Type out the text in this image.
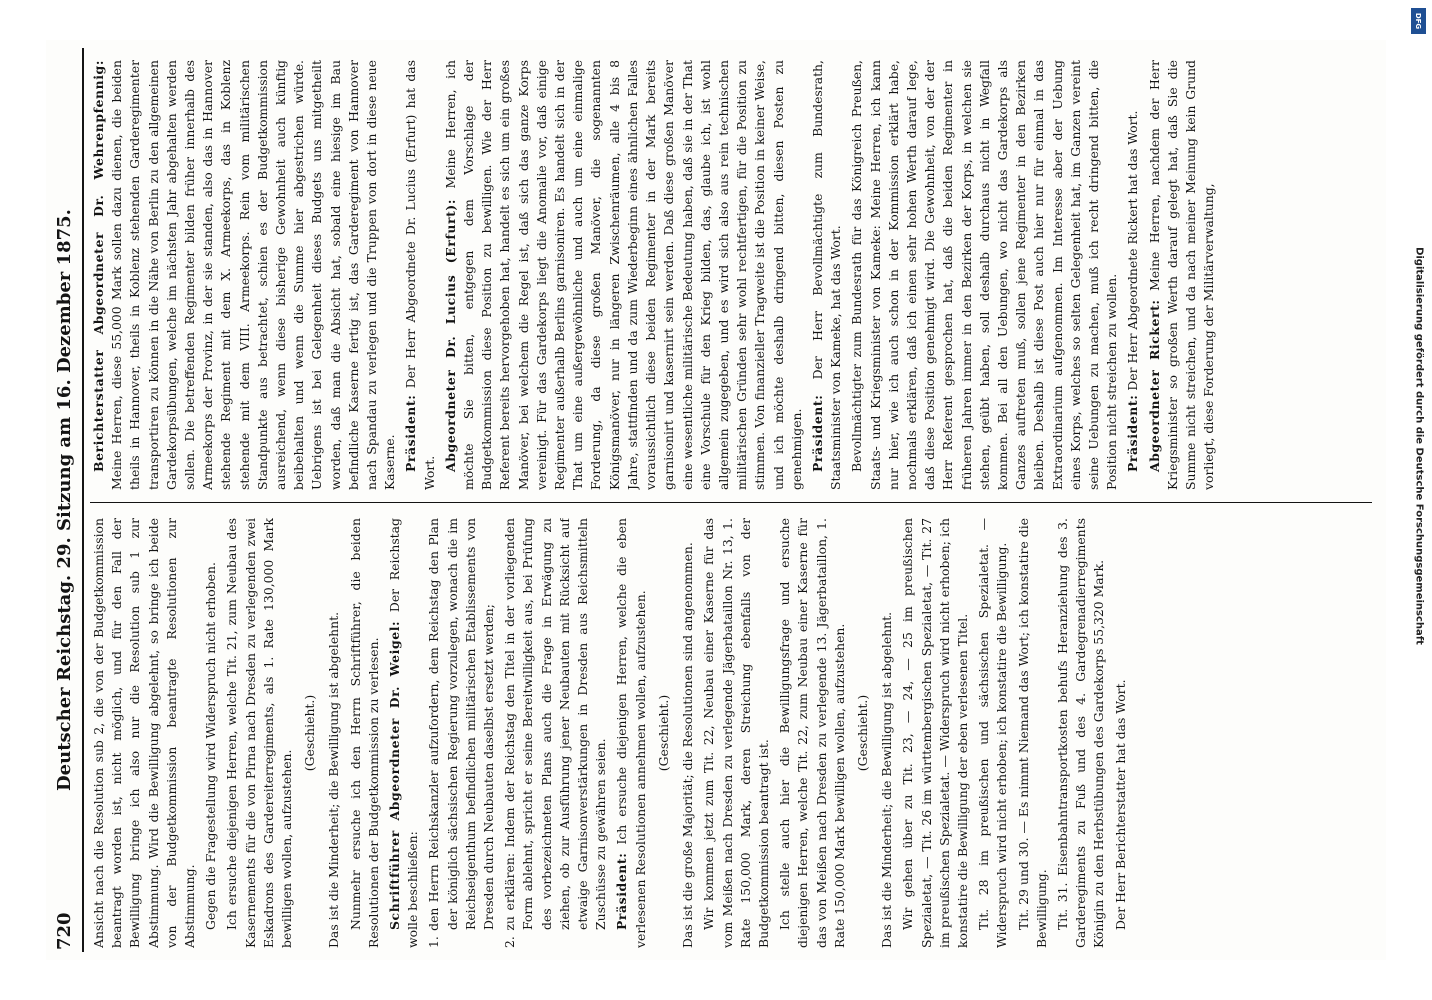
720
Deutscher Reichstag. 29. Sitzung am 16. Dezember 1875. Ansicht nach die Resolution sub 2, die von der Budgetkommission beantragt worden ist, nicht möglich, und für den Fall der Bewilligung bringe ich also nur die Resolution sub 1 zur Abstimmung. Wird die Bewilligung abgelehnt, so bringe ich beide von der Budgetkommission beantragte Resolutionen zur Abstimmung. Gegen die Fragestellung wird Widerspruch nicht erhoben. Ich ersuche diejenigen Herren, welche Tit. 21, zum Neubau des Kasernements für die von Pirna nach Dresden zu verlegenden zwei Eskadrons des Gardereiterregiments, als 1. Rate 130,000 Mark bewilligen wollen, aufzustehen.

(Geschieht.) Das ist die Minderheit; die Bewilligung ist abgelehnt. Nunmehr ersuche ich den Herrn Schriftführer, die beiden Resolutionen der Budgetkommission zu verlesen. Schriftführer Abgeordneter Dr. Weigel: Der Reichstag wolle beschließen: 1. den Herrn Reichskanzler aufzufordern, dem Reichstag den Plan der königlich sächsischen Regierung vorzulegen, wonach die im Reichseigenthum befindlichen militärischen Etablissements von Dresden durch Neubauten daselbst ersetzt werden; 2. zu erklären: Indem der Reichstag den Titel in der vorliegenden Form ablehnt, spricht er seine Bereitwilligkeit aus, bei Prüfung des vorbezeichneten Plans auch die Frage in Erwägung zu ziehen, ob zur Ausführung jener Neubauten mit Rücksicht auf etwaige Garnisonverstärkungen in Dresden aus Reichsmitteln Zuschüsse zu gewähren seien. Präsident: Ich ersuche diejenigen Herren, welche die eben verlesenen Resolutionen annehmen wollen, aufzustehen. (Geschieht.) Das ist die große Majorität; die Resolutionen sind angenommen. Wir kommen jetzt zum Tit. 22, Neubau einer Kaserne für das vom Meißen nach Dresden zu verlegende Jägerbataillon Nr. 13, 1. Rate 150,000 Mark, deren Streichung ebenfalls von der Budgetkommission beantragt ist. Ich stelle auch hier die Bewilligungsfrage und ersuche diejenigen Herren, welche Tit. 22, zum Neubau einer Kaserne für das von Meißen nach Dresden zu verlegende 13. Jägerbataillon, 1. Rate 150,000 Mark bewilligen wollen, aufzustehen. (Geschieht.) Das ist die Minderheit; die Bewilligung ist abgelehnt. Wir gehen über zu Tit. 23, — 24, — 25 im preußischen Spezialetat, — Tit. 26 im württembergischen Spezialetat, — Tit. 27 im preußischen Spezialetat. — Widerspruch wird nicht erhoben; ich konstatire die Bewilligung der eben verlesenen Titel. Tit. 28 im preußischen und sächsischen Spezialetat. — Widerspruch wird nicht erhoben; ich konstatire die Bewilligung. Tit. 29 und 30. — Es nimmt Niemand das Wort; ich konstatire die Bewilligung. Tit. 31. Eisenbahntransportkosten behufs Heranziehung des 3. Garderegiments zu Fuß und des 4. Gardegrenadierregiments Königin zu den Herbstübungen des Gardekorps 55,320 Mark. Der Herr Berichterstatter hat das Wort.

Berichterstatter Abgeordneter Dr. Wehrenpfennig: Meine Herren, diese 55,000 Mark sollen dazu dienen, die beiden theils in Hannover, theils in Koblenz stehenden Garderegimenter transportiren zu können in die Nähe von Berlin zu den allgemeinen Gardekorpsübungen, welche im nächsten Jahr abgehalten werden sollen. Die betreffenden Regimenter bilden früher innerhalb des Armeekorps der Provinz, in der sie standen, also das in Hannover stehende Regiment mit dem X. Armeekorps, das in Koblenz stehende mit dem VIII. Armeekorps. Rein vom militärischen Standpunkte aus betrachtet, schien es der Budgetkommission ausreichend, wenn diese bisherige Gewohnheit auch künftig beibehalten und wenn die Summe hier abgestrichen würde. Uebrigens ist bei Gelegenheit dieses Budgets uns mitgetheilt worden, daß man die Absicht hat, sobald eine hiesige im Bau befindliche Kaserne fertig ist, das Garderegiment von Hannover nach Spandau zu verlegen und die Truppen von dort in diese neue Kaserne. Präsident: Der Herr Abgeordnete Dr. Lucius (Erfurt) hat das Wort.

Abgeordneter Dr. Lucius (Erfurt): Meine Herren, ich möchte Sie bitten, entgegen dem Vorschlage der Budgetkommission diese Position zu bewilligen. Wie der Herr Referent bereits hervorgehoben hat, handelt es sich um ein großes Manöver, bei welchem die Regel ist, daß sich das ganze Korps vereinigt. Für das Gardekorps liegt die Anomalie vor, daß einige Regimenter außerhalb Berlins garnisoniren. Es handelt sich in der That um eine außergewöhnliche und auch um eine einmalige Forderung, da diese großen Manöver, die sogenannten Königsmanöver, nur in längeren Zwischenräumen, alle 4 bis 8 Jahre, stattfinden und da zum Wiederbeginn eines ähnlichen Falles voraussichtlich diese beiden Regimenter in der Mark bereits garnisonirt und kasernirt sein werden. Daß diese großen Manöver eine wesentliche militärische Bedeutung haben, daß sie in der That eine Vorschule für den Krieg bilden, das, glaube ich, ist wohl allgemein zugegeben, und es wird sich also aus rein technischen militärischen Gründen sehr wohl rechtfertigen, für die Position zu stimmen. Von finanzieller Tragweite ist die Position in keiner Weise, und ich möchte deshalb dringend bitten, diesen Posten zu genehmigen. Präsident: Der Herr Bevollmächtigte zum Bundesrath, Staatsminister von Kameke, hat das Wort. Bevollmächtigter zum Bundesrath für das Königreich Preußen, Staats- und Kriegsminister von Kameke: Meine Herren, ich kann nur hier, wie ich auch schon in der Kommission erklärt habe, nochmals erklären, daß ich einen sehr hohen Werth darauf lege, daß diese Position genehmigt wird. Die Gewohnheit, von der der Herr Referent gesprochen hat, daß die beiden Regimenter in früheren Jahren immer in den Bezirken der Korps, in welchen sie stehen, geübt haben, soll deshalb durchaus nicht in Wegfall kommen. Bei all den Uebungen, wo nicht das Gardekorps als Ganzes auftreten muß, sollen jene Regimenter in den Bezirken bleiben. Deshalb ist diese Post auch hier nur für einmal in das Extraordinarium aufgenommen. Im Interesse aber der Uebung eines Korps, welches so selten Gelegenheit hat, im Ganzen vereint seine Uebungen zu machen, muß ich recht dringend bitten, die Position nicht streichen zu wollen. Präsident: Der Herr Abgeordnete Rickert hat das Wort. Abgeordneter Rickert: Meine Herren, nachdem der Herr Kriegsminister so großen Werth darauf gelegt hat, daß Sie die Summe nicht streichen, und da nach meiner Meinung kein Grund vorliegt, diese Forderung der Militärverwaltung,

DFG
Digitalisierung gefördert durch die Deutsche Forschungsgemeinschaft
